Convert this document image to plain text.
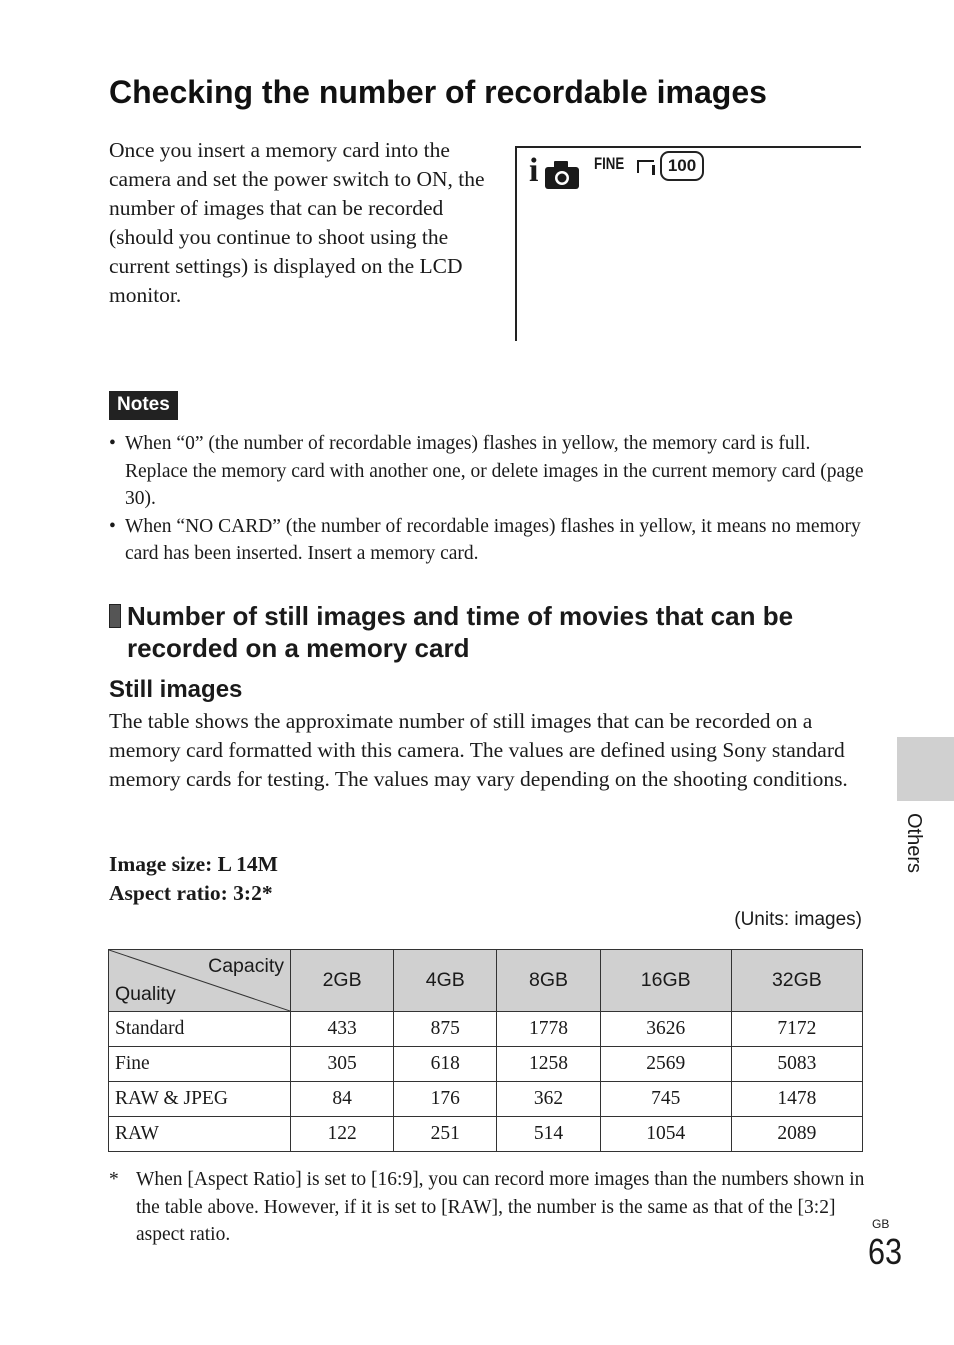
Checking the number of recordable images

Once you insert a memory card into the camera and set the power switch to ON, the number of images that can be recorded (should you continue to shoot using the current settings) is displayed on the LCD monitor.

i	FINE	100
Notes
• When “0” (the number of recordable images) flashes in yellow, the memory card is full. Replace the memory card with another one, or delete images in the current memory card (page 30).
• When “NO CARD” (the number of recordable images) flashes in yellow, it means no memory card has been inserted. Insert a memory card.
Number of still images and time of movies that can be recorded on a memory card
Still images

The table shows the approximate number of still images that can be recorded on a memory card formatted with this camera. The values are defined using Sony standard memory cards for testing. The values may vary depending on the shooting conditions.

Image size: L 14M
Aspect ratio: 3:2*

(Units: images)
Capacity
Quality	2GB	4GB	8GB	16GB	32GB
Standard	433	875	1778	3626	7172
Fine	305	618	1258	2569	5083
RAW & JPEG	84	176	362	745	1478
RAW	122	251	514	1054	2089

* When [Aspect Ratio] is set to [16:9], you can record more images than the numbers shown in the table above. However, if it is set to [RAW], the number is the same as that of the [3:2] aspect ratio.

Others
GB
63
